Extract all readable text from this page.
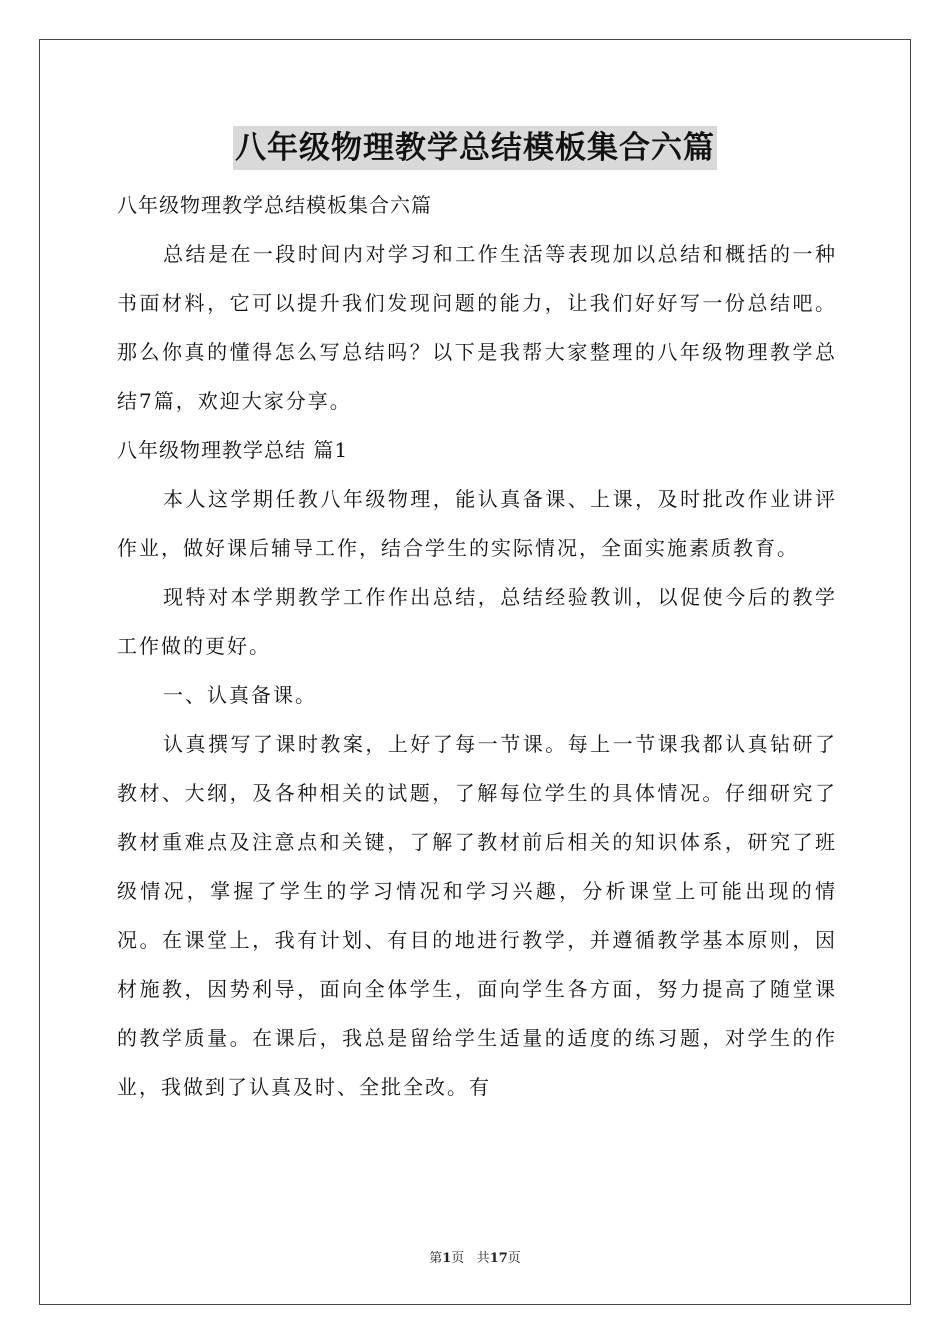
八年级物理教学总结模板集合六篇

八年级物理教学总结模板集合六篇

总结是在一段时间内对学习和工作生活等表现加以总结和概括的一种书面材料，它可以提升我们发现问题的能力，让我们好好写一份总结吧。那么你真的懂得怎么写总结吗？以下是我帮大家整理的八年级物理教学总结7篇，欢迎大家分享。

八年级物理教学总结 篇1

本人这学期任教八年级物理，能认真备课、上课，及时批改作业讲评作业，做好课后辅导工作，结合学生的实际情况，全面实施素质教育。

现特对本学期教学工作作出总结，总结经验教训，以促使今后的教学工作做的更好。

一、认真备课。

认真撰写了课时教案，上好了每一节课。每上一节课我都认真钻研了教材、大纲，及各种相关的试题，了解每位学生的具体情况。仔细研究了教材重难点及注意点和关键，了解了教材前后相关的知识体系，研究了班级情况，掌握了学生的学习情况和学习兴趣，分析课堂上可能出现的情况。在课堂上，我有计划、有目的地进行教学，并遵循教学基本原则，因材施教，因势利导，面向全体学生，面向学生各方面，努力提高了随堂课的教学质量。在课后，我总是留给学生适量的适度的练习题，对学生的作业，我做到了认真及时、全批全改。有

第1页 共17页
